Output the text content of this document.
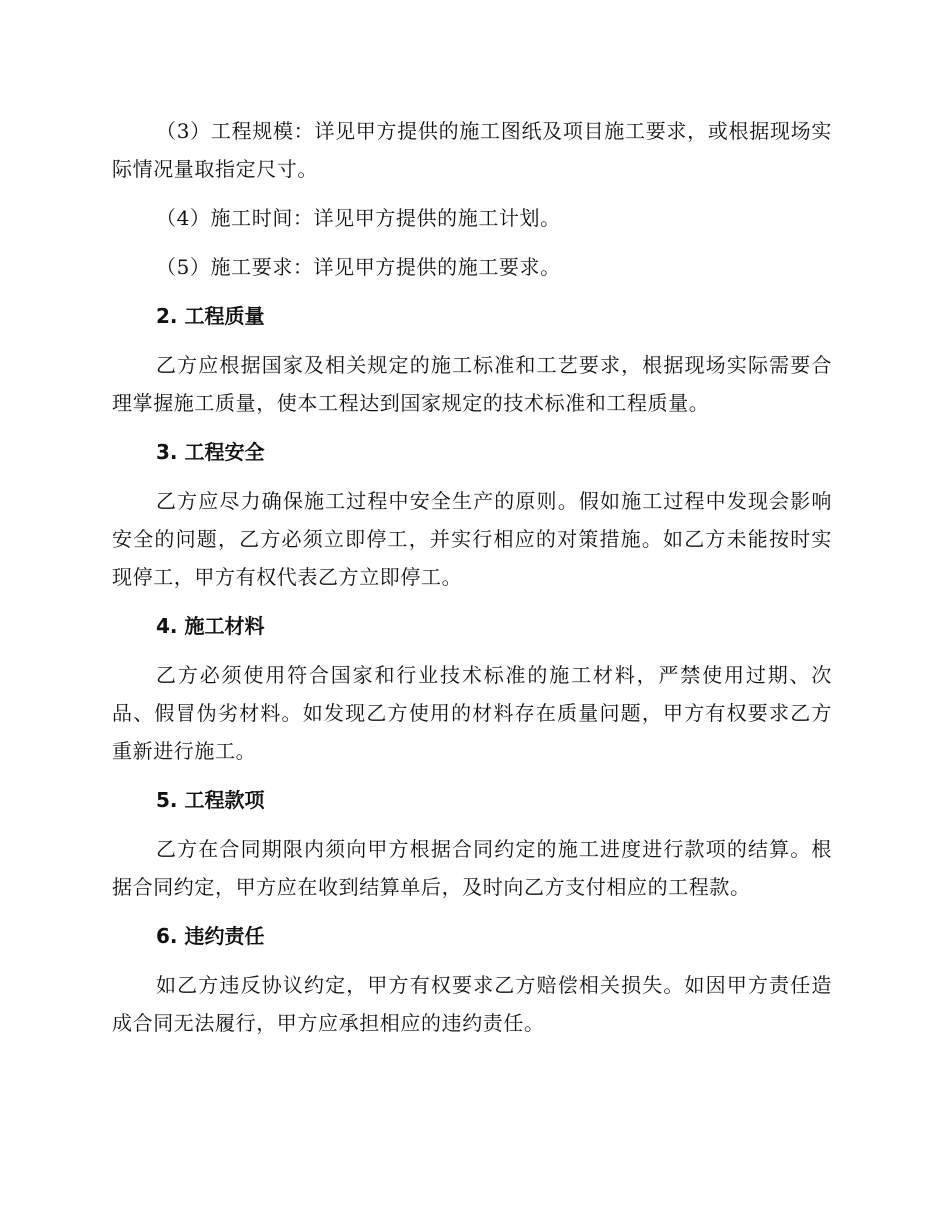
（3）工程规模：详见甲方提供的施工图纸及项目施工要求，或根据现场实际情况量取指定尺寸。

（4）施工时间：详见甲方提供的施工计划。

（5）施工要求：详见甲方提供的施工要求。

2. 工程质量

乙方应根据国家及相关规定的施工标准和工艺要求，根据现场实际需要合理掌握施工质量，使本工程达到国家规定的技术标准和工程质量。

3. 工程安全

乙方应尽力确保施工过程中安全生产的原则。假如施工过程中发现会影响安全的问题，乙方必须立即停工，并实行相应的对策措施。如乙方未能按时实现停工，甲方有权代表乙方立即停工。

4. 施工材料

乙方必须使用符合国家和行业技术标准的施工材料，严禁使用过期、次品、假冒伪劣材料。如发现乙方使用的材料存在质量问题，甲方有权要求乙方重新进行施工。

5. 工程款项

乙方在合同期限内须向甲方根据合同约定的施工进度进行款项的结算。根据合同约定，甲方应在收到结算单后，及时向乙方支付相应的工程款。

6. 违约责任

如乙方违反协议约定，甲方有权要求乙方赔偿相关损失。如因甲方责任造成合同无法履行，甲方应承担相应的违约责任。
